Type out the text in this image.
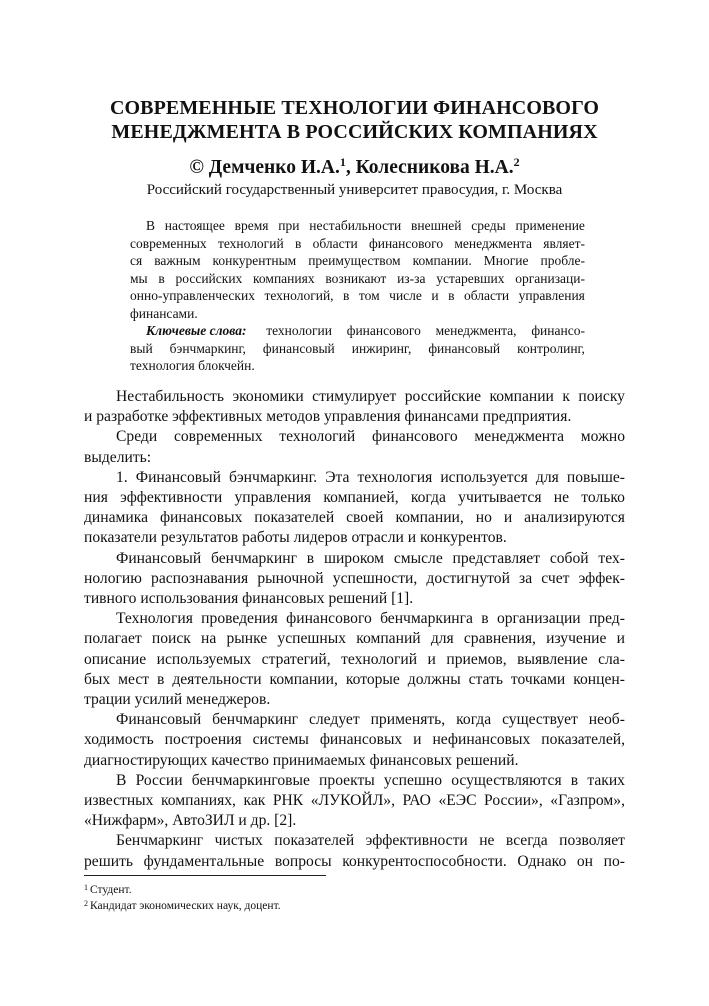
СОВРЕМЕННЫЕ ТЕХНОЛОГИИ ФИНАНСОВОГО
МЕНЕДЖМЕНТА В РОССИЙСКИХ КОМПАНИЯХ
© Демченко И.А.$^1$, Колесникова Н.А.$^2$
Российский государственный университет правосудия, г. Москва
В настоящее время при нестабильности внешней среды применение
современных технологий в области финансового менеджмента являет-
ся важным конкурентным преимуществом компании. Многие пробле-
мы в российских компаниях возникают из-за устаревших организаци-
онно-управленческих технологий, в том числе и в области управления
финансами.
Ключевые слова: технологии финансового менеджмента, финансо-
вый бэнчмаркинг, финансовый инжиринг, финансовый контролинг,
технология блокчейн.
Нестабильность экономики стимулирует российские компании к поиску
и разработке эффективных методов управления финансами предприятия.
Среди современных технологий финансового менеджмента можно
выделить:
1. Финансовый бэнчмаркинг. Эта технология используется для повыше-
ния эффективности управления компанией, когда учитывается не только
динамика финансовых показателей своей компании, но и анализируются
показатели результатов работы лидеров отрасли и конкурентов.
Финансовый бенчмаркинг в широком смысле представляет собой тех-
нологию распознавания рыночной успешности, достигнутой за счет эффек-
тивного использования финансовых решений [1].
Технология проведения финансового бенчмаркинга в организации пред-
полагает поиск на рынке успешных компаний для сравнения, изучение и
описание используемых стратегий, технологий и приемов, выявление сла-
бых мест в деятельности компании, которые должны стать точками концен-
трации усилий менеджеров.
Финансовый бенчмаркинг следует применять, когда существует необ-
ходимость построения системы финансовых и нефинансовых показателей,
диагностирующих качество принимаемых финансовых решений.
В России бенчмаркинговые проекты успешно осуществляются в таких
известных компаниях, как РНК «ЛУКОЙЛ», РАО «ЕЭС России», «Газпром»,
«Нижфарм», АвтоЗИЛ и др. [2].
Бенчмаркинг чистых показателей эффективности не всегда позволяет
решить фундаментальные вопросы конкурентоспособности. Однако он по-
$^1$ Студент.
$^2$ Кандидат экономических наук, доцент.
